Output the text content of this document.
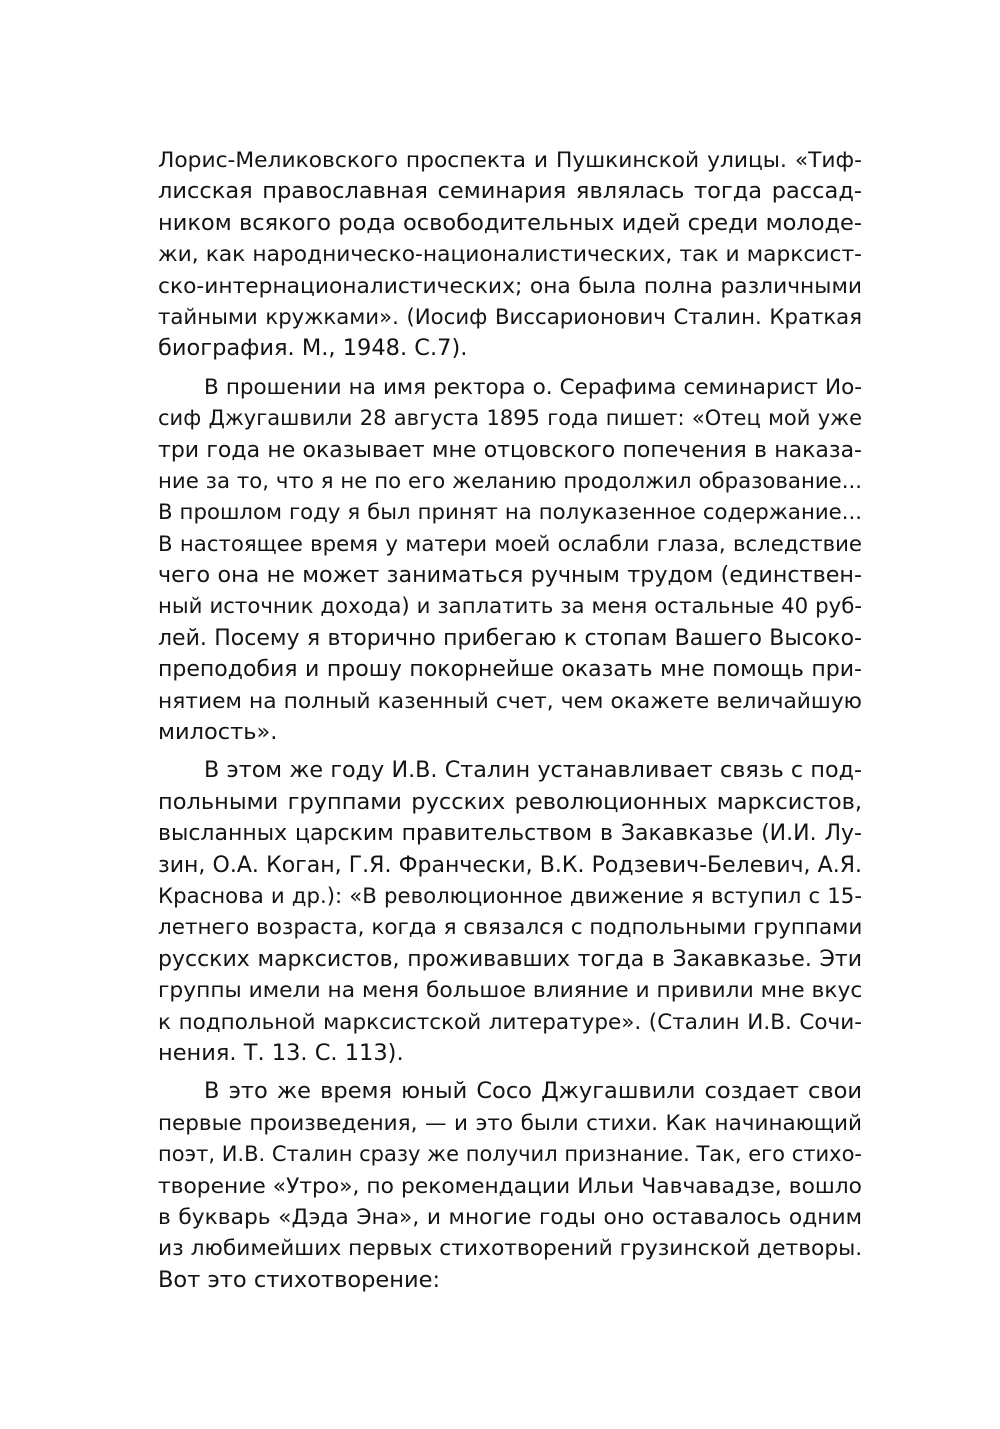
Лорис-Меликовского проспекта и Пушкинской улицы. «Тиф-
лисская православная семинария являлась тогда рассад-
ником всякого рода освободительных идей среди молоде-
жи, как народническо-националистических, так и марксист-
ско-интернационалистических; она была полна различными
тайными кружками». (Иосиф Виссарионович Сталин. Краткая
биография. М., 1948. С.7).
В прошении на имя ректора о. Серафима семинарист Ио-
сиф Джугашвили 28 августа 1895 года пишет: «Отец мой уже
три года не оказывает мне отцовского попечения в наказа-
ние за то, что я не по его желанию продолжил образование...
В прошлом году я был принят на полуказенное содержание...
В настоящее время у матери моей ослабли глаза, вследствие
чего она не может заниматься ручным трудом (единствен-
ный источник дохода) и заплатить за меня остальные 40 руб-
лей. Посему я вторично прибегаю к стопам Вашего Высоко-
преподобия и прошу покорнейше оказать мне помощь при-
нятием на полный казенный счет, чем окажете величайшую
милость».
В этом же году И.В. Сталин устанавливает связь с под-
польными группами русских революционных марксистов,
высланных царским правительством в Закавказье (И.И. Лу-
зин, О.А. Коган, Г.Я. Франчески, В.К. Родзевич-Белевич, А.Я.
Краснова и др.): «В революционное движение я вступил с 15-
летнего возраста, когда я связался с подпольными группами
русских марксистов, проживавших тогда в Закавказье. Эти
группы имели на меня большое влияние и привили мне вкус
к подпольной марксистской литературе». (Сталин И.В. Сочи-
нения. Т. 13. С. 113).
В это же время юный Сосо Джугашвили создает свои
первые произведения, — и это были стихи. Как начинающий
поэт, И.В. Сталин сразу же получил признание. Так, его стихо-
творение «Утро», по рекомендации Ильи Чавчавадзе, вошло
в букварь «Дэда Эна», и многие годы оно оставалось одним
из любимейших первых стихотворений грузинской детворы.
Вот это стихотворение:
